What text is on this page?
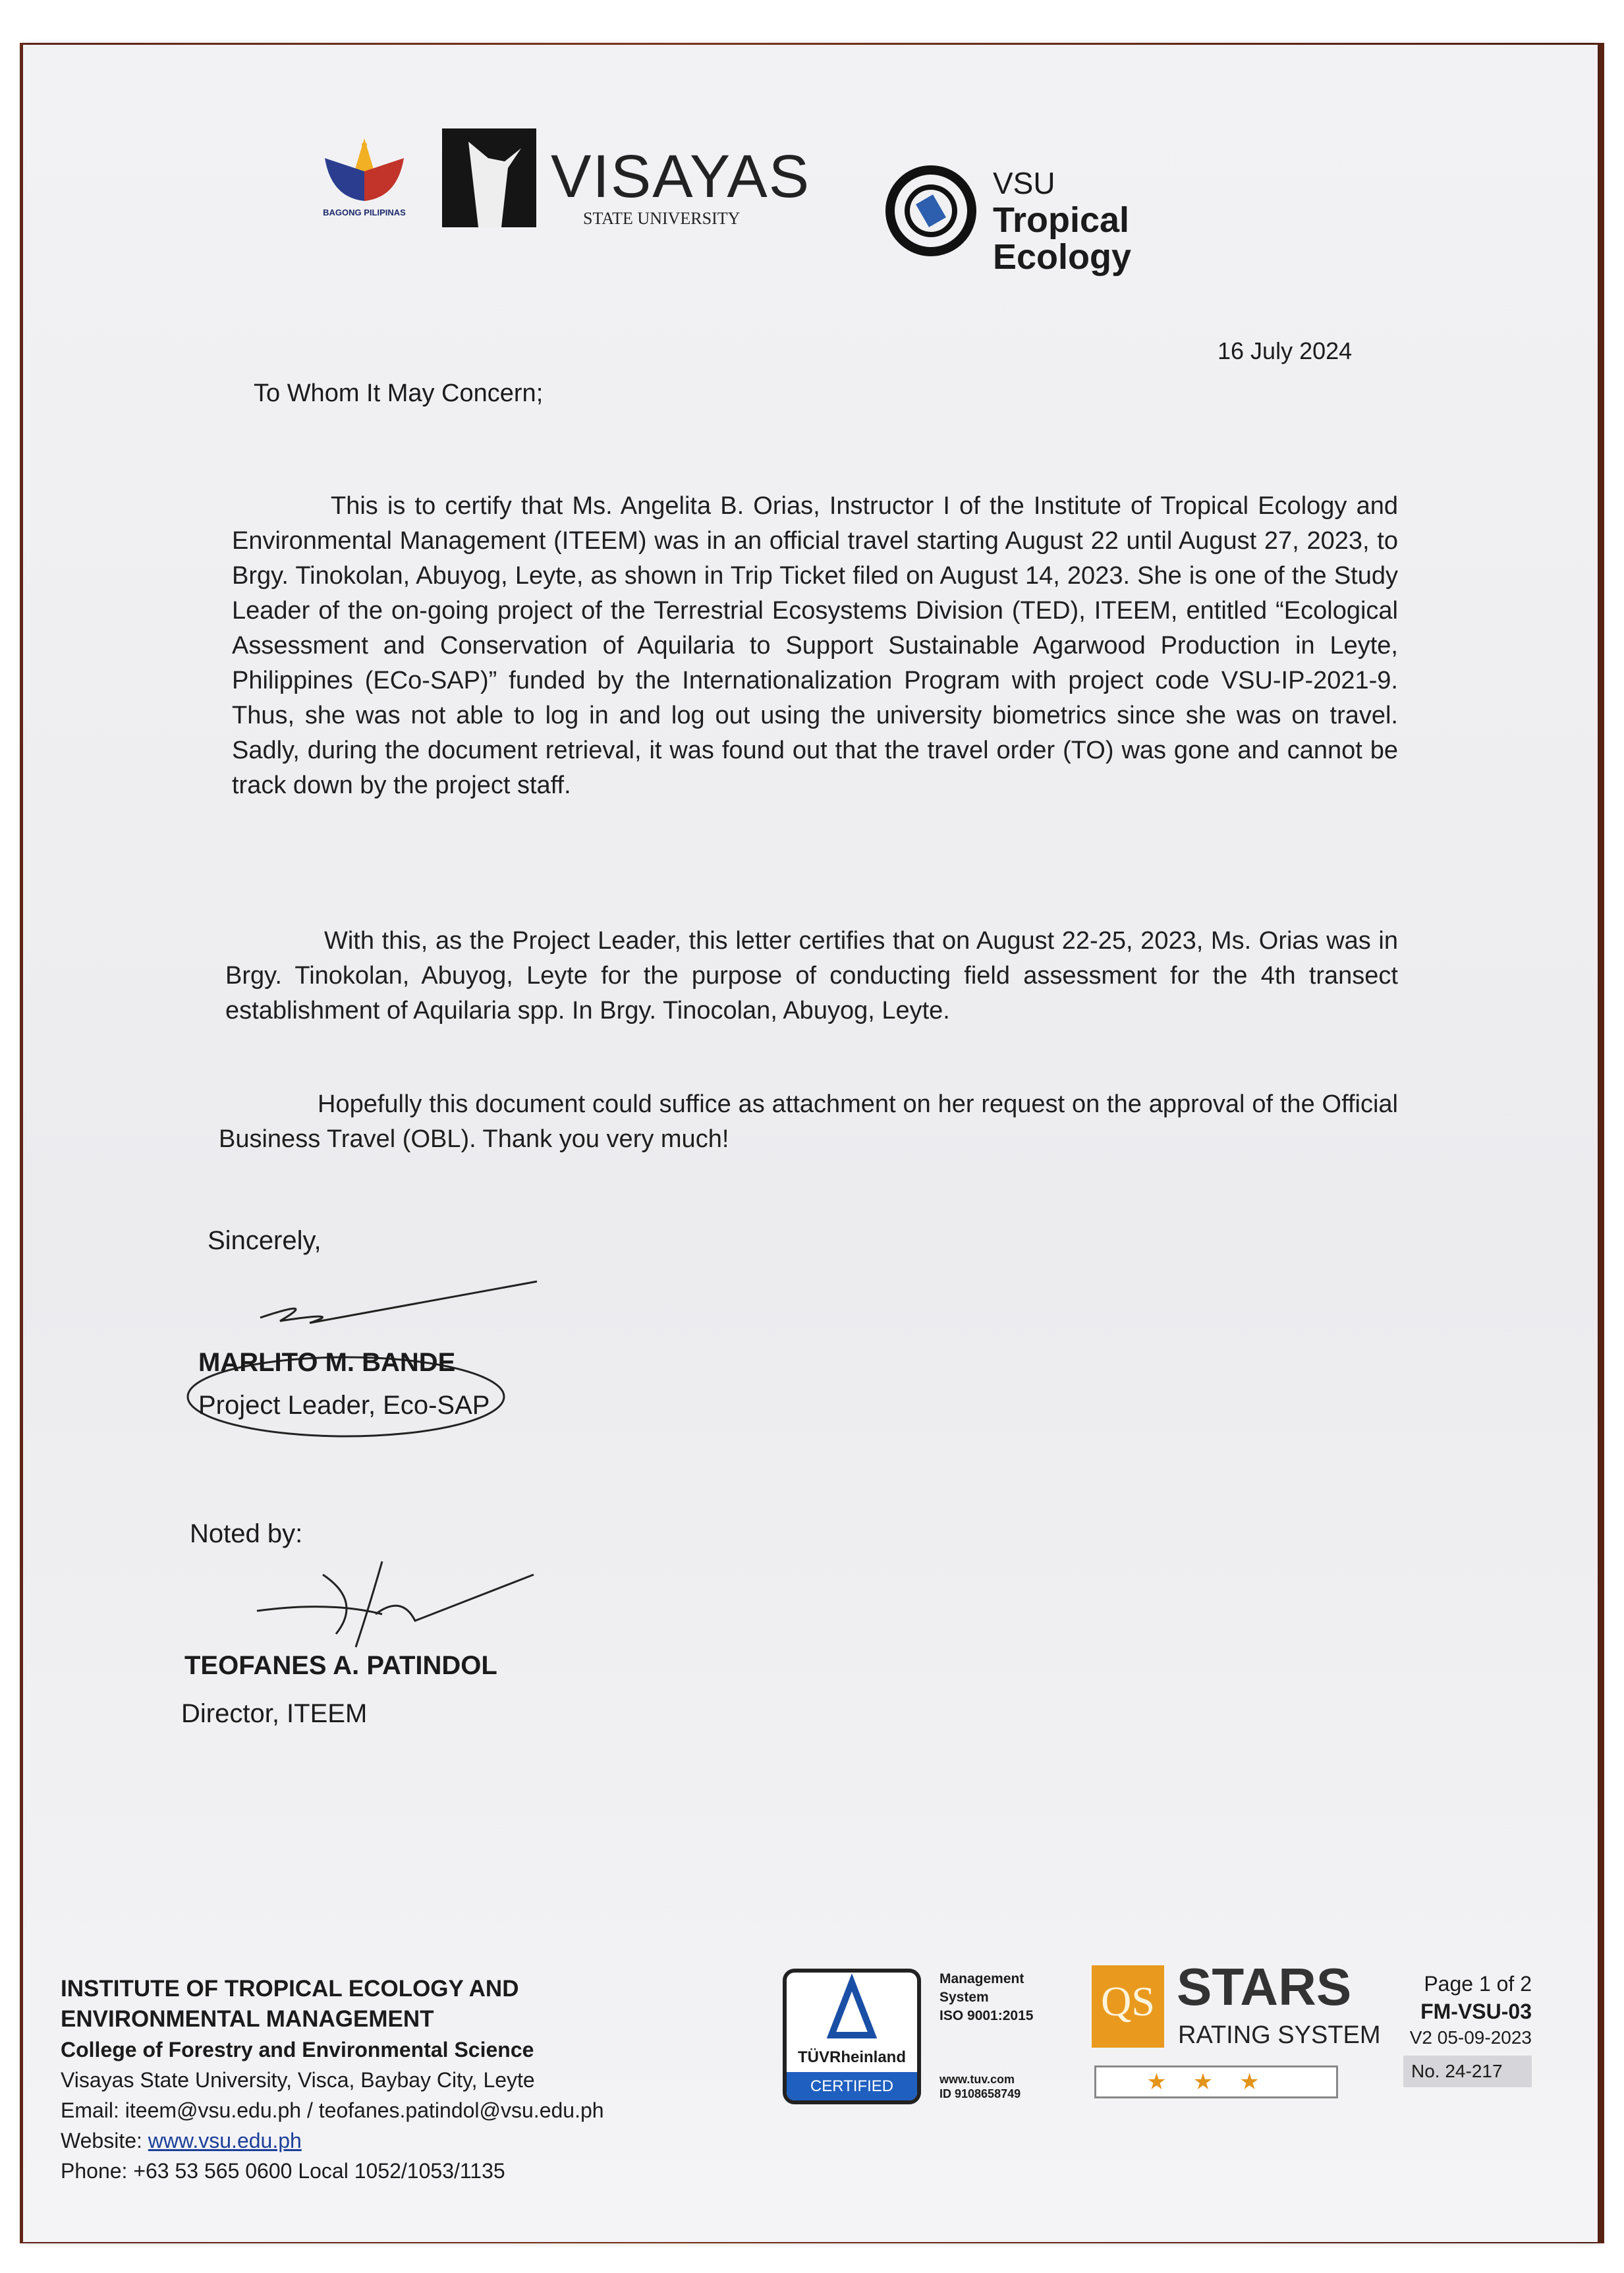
BAGONG PILIPINAS
VISAYAS
STATE UNIVERSITY
VSU
Tropical
Ecology
16 July 2024
To Whom It May Concern;
This is to certify that Ms. Angelita B. Orias, Instructor I of the Institute of Tropical Ecology and Environmental Management (ITEEM) was in an official travel starting August 22 until August 27, 2023, to Brgy. Tinokolan, Abuyog, Leyte, as shown in Trip Ticket filed on August 14, 2023. She is one of the Study Leader of the on-going project of the Terrestrial Ecosystems Division (TED), ITEEM, entitled “Ecological Assessment and Conservation of Aquilaria to Support Sustainable Agarwood Production in Leyte, Philippines (ECo-SAP)” funded by the Internationalization Program with project code VSU-IP-2021-9. Thus, she was not able to log in and log out using the university biometrics since she was on travel. Sadly, during the document retrieval, it was found out that the travel order (TO) was gone and cannot be track down by the project staff.
With this, as the Project Leader, this letter certifies that on August 22-25, 2023, Ms. Orias was in Brgy. Tinokolan, Abuyog, Leyte for the purpose of conducting field assessment for the 4th transect establishment of Aquilaria spp. In Brgy. Tinocolan, Abuyog, Leyte.
Hopefully this document could suffice as attachment on her request on the approval of the Official Business Travel (OBL). Thank you very much!
Sincerely,
MARLITO M. BANDE
Project Leader, Eco-SAP
Noted by:
TEOFANES A. PATINDOL
Director, ITEEM
INSTITUTE OF TROPICAL ECOLOGY AND
ENVIRONMENTAL MANAGEMENT
College of Forestry and Environmental Science
Visayas State University, Visca, Baybay City, Leyte
Email: iteem@vsu.edu.ph / teofanes.patindol@vsu.edu.ph
Website: www.vsu.edu.ph
Phone: +63 53 565 0600 Local 1052/1053/1135
TÜVRheinland
CERTIFIED
Management
System
ISO 9001:2015
www.tuv.com
ID 9108658749
QS STARS
RATING SYSTEM
★★★
Page 1 of 2
FM-VSU-03
V2 05-09-2023
No. 24-217
